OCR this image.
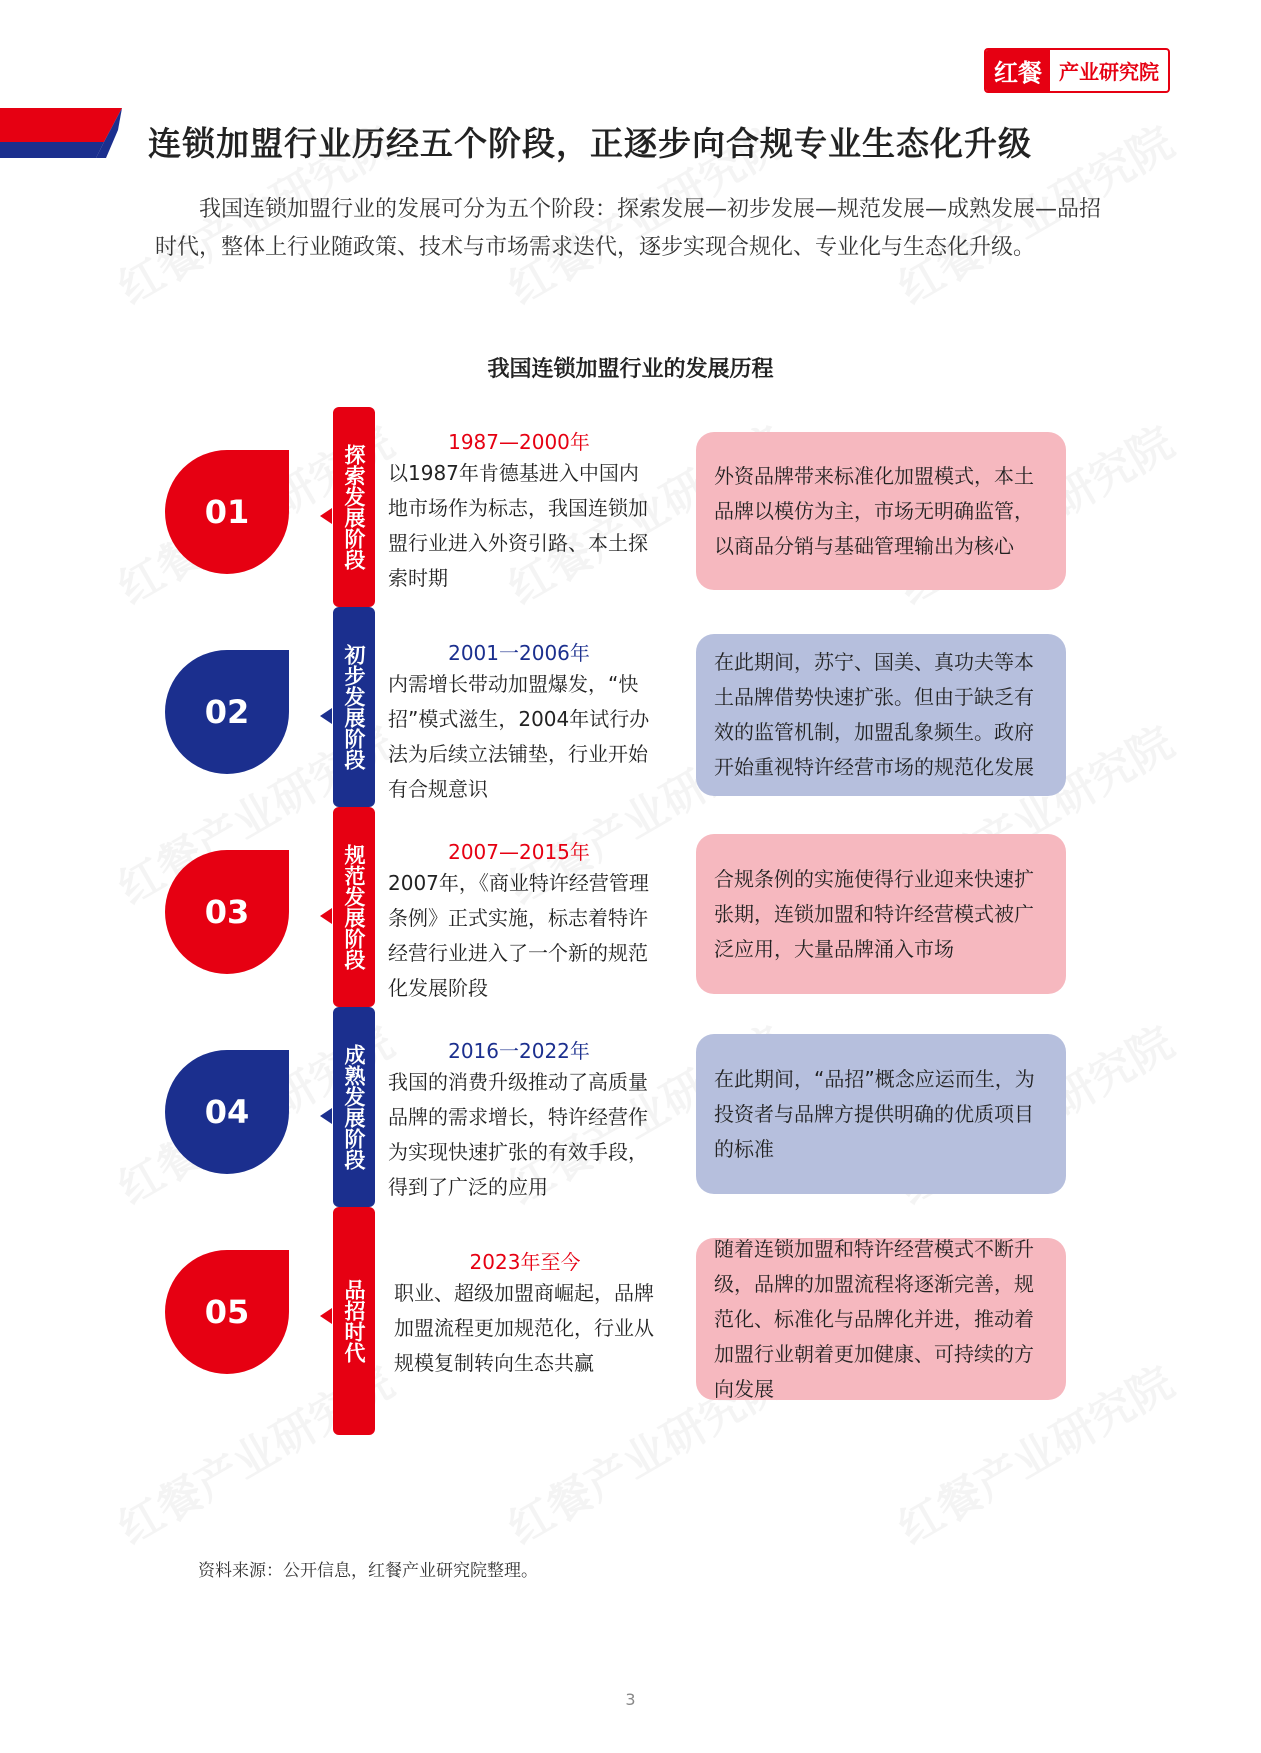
红餐 产业研究院
连锁加盟行业历经五个阶段，正逐步向合规专业生态化升级
我国连锁加盟行业的发展可分为五个阶段：探索发展—初步发展—规范发展—成熟发展—品招时代，整体上行业随政策、技术与市场需求迭代，逐步实现合规化、专业化与生态化升级。
我国连锁加盟行业的发展历程
探索发展阶段
初步发展阶段
规范发展阶段
成熟发展阶段
品招时代
01
02
03
04
05
1987—2000年
2001一2006年
2007—2015年
2016一2022年
2023年至今
以1987年肯德基进入中国内地市场作为标志，我国连锁加盟行业进入外资引路、本土探索时期
内需增长带动加盟爆发，“快招”模式滋生，2004年试行办法为后续立法铺垫，行业开始有合规意识
2007年，《商业特许经营管理条例》正式实施，标志着特许经营行业进入了一个新的规范化发展阶段
我国的消费升级推动了高质量品牌的需求增长，特许经营作为实现快速扩张的有效手段，得到了广泛的应用
职业、超级加盟商崛起，品牌加盟流程更加规范化，行业从规模复制转向生态共赢
外资品牌带来标准化加盟模式，本土品牌以模仿为主，市场无明确监管，以商品分销与基础管理输出为核心
在此期间，苏宁、国美、真功夫等本土品牌借势快速扩张。但由于缺乏有效的监管机制，加盟乱象频生。政府开始重视特许经营市场的规范化发展
合规条例的实施使得行业迎来快速扩张期，连锁加盟和特许经营模式被广泛应用，大量品牌涌入市场
在此期间，“品招”概念应运而生，为投资者与品牌方提供明确的优质项目的标准
随着连锁加盟和特许经营模式不断升级，品牌的加盟流程将逐渐完善，规范化、标准化与品牌化并进，推动着加盟行业朝着更加健康、可持续的方向发展
资料来源：公开信息，红餐产业研究院整理。
3
